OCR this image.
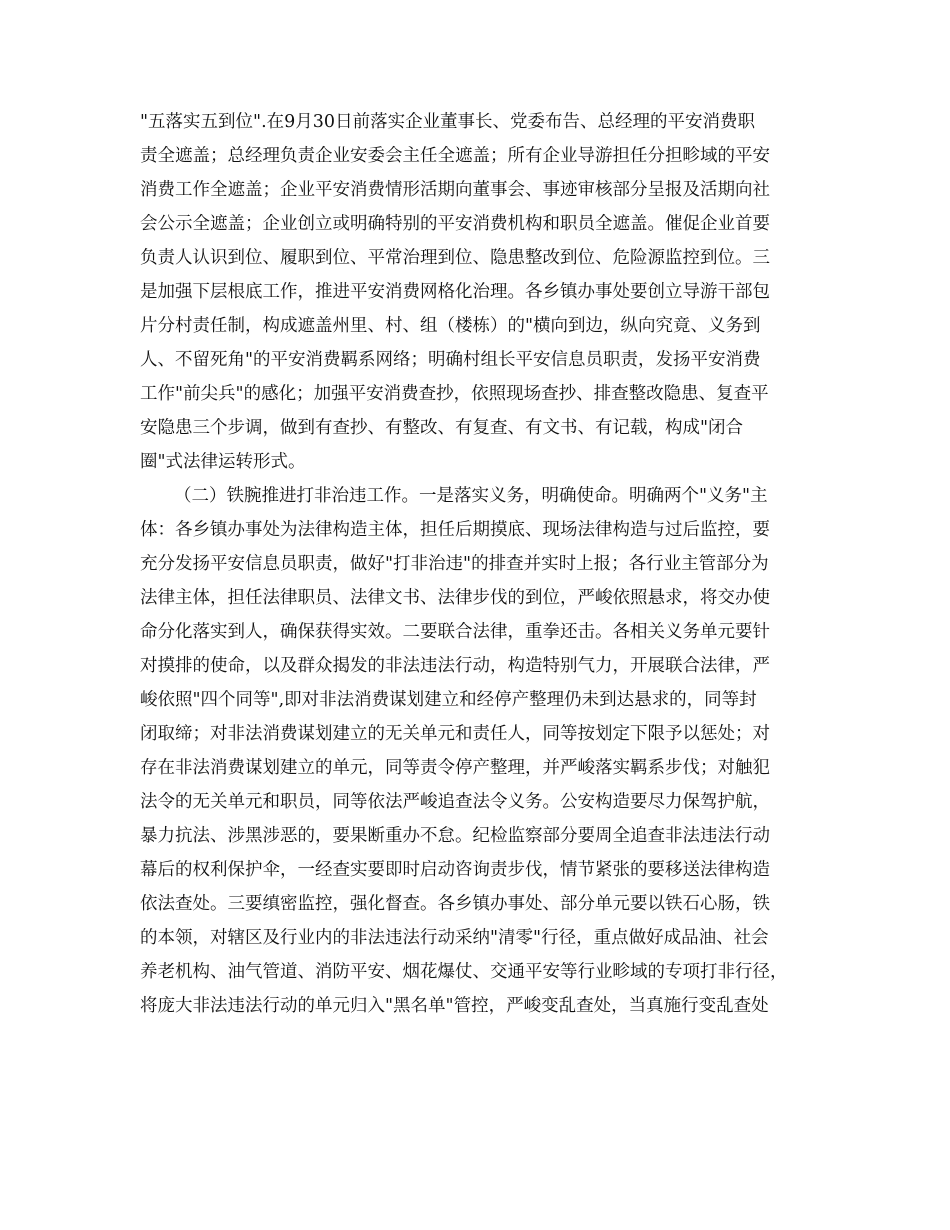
"五落实五到位".在9月30日前落实企业董事长、党委布告、总经理的平安消费职
责全遮盖；总经理负责企业安委会主任全遮盖；所有企业导游担任分担畛域的平安
消费工作全遮盖；企业平安消费情形活期向董事会、事迹审核部分呈报及活期向社
会公示全遮盖；企业创立或明确特别的平安消费机构和职员全遮盖。催促企业首要
负责人认识到位、履职到位、平常治理到位、隐患整改到位、危险源监控到位。三
是加强下层根底工作，推进平安消费网格化治理。各乡镇办事处要创立导游干部包
片分村责任制，构成遮盖州里、村、组（楼栋）的"横向到边，纵向究竟、义务到
人、不留死角"的平安消费羁系网络；明确村组长平安信息员职责，发扬平安消费
工作"前尖兵"的感化；加强平安消费查抄，依照现场查抄、排查整改隐患、复查平
安隐患三个步调，做到有查抄、有整改、有复查、有文书、有记载，构成"闭合
圈"式法律运转形式。
（二）铁腕推进打非治违工作。一是落实义务，明确使命。明确两个"义务"主
体：各乡镇办事处为法律构造主体，担任后期摸底、现场法律构造与过后监控，要
充分发扬平安信息员职责，做好"打非治违"的排查并实时上报；各行业主管部分为
法律主体，担任法律职员、法律文书、法律步伐的到位，严峻依照悬求，将交办使
命分化落实到人，确保获得实效。二要联合法律，重拳还击。各相关义务单元要针
对摸排的使命，以及群众揭发的非法违法行动，构造特别气力，开展联合法律，严
峻依照"四个同等",即对非法消费谋划建立和经停产整理仍未到达悬求的，同等封
闭取缔；对非法消费谋划建立的无关单元和责任人，同等按划定下限予以惩处；对
存在非法消费谋划建立的单元，同等责令停产整理，并严峻落实羁系步伐；对触犯
法令的无关单元和职员，同等依法严峻追查法令义务。公安构造要尽力保驾护航，
暴力抗法、涉黑涉恶的，要果断重办不怠。纪检监察部分要周全追查非法违法行动
幕后的权利保护伞，一经查实要即时启动咨询责步伐，情节紧张的要移送法律构造
依法查处。三要缜密监控，强化督查。各乡镇办事处、部分单元要以铁石心肠，铁
的本领，对辖区及行业内的非法违法行动采纳"清零"行径，重点做好成品油、社会
养老机构、油气管道、消防平安、烟花爆仗、交通平安等行业畛域的专项打非行径，
将庞大非法违法行动的单元归入"黑名单"管控，严峻变乱查处，当真施行变乱查处
